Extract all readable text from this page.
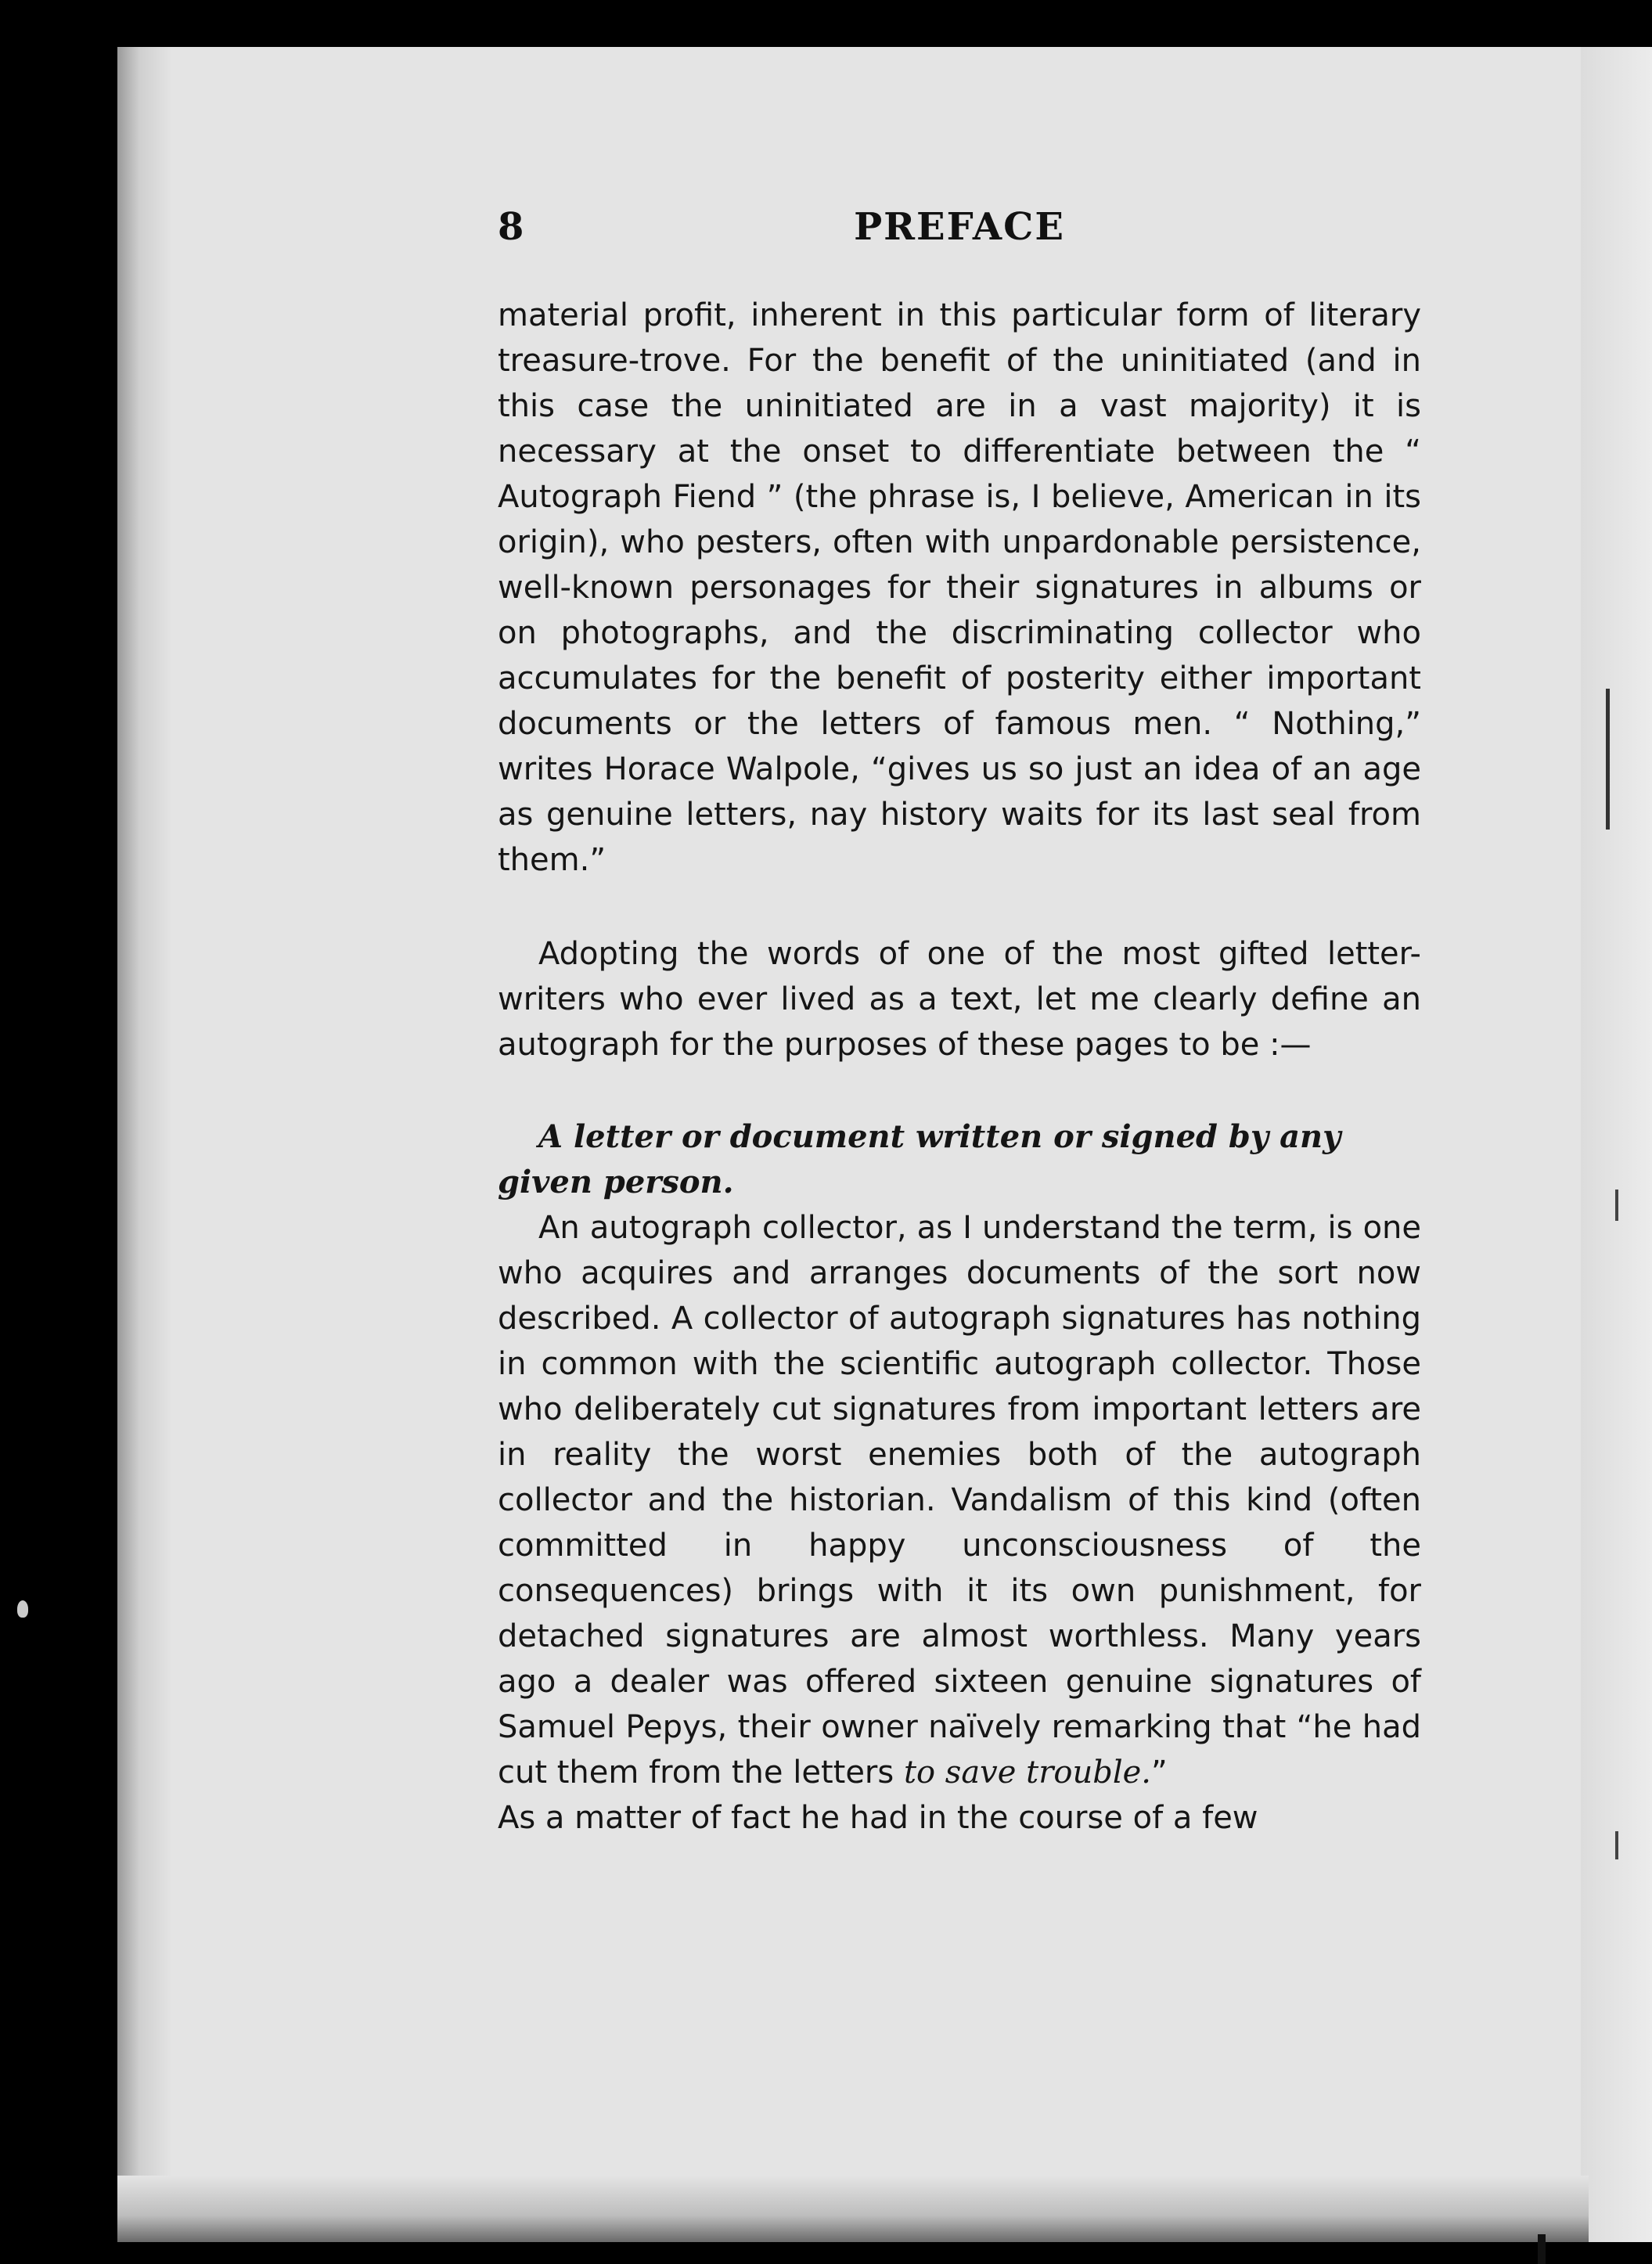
8	PREFACE

material profit, inherent in this particular form of literary treasure-trove. For the benefit of the uninitiated (and in this case the uninitiated are in a vast majority) it is necessary at the onset to differentiate between the “ Autograph Fiend ” (the phrase is, I believe, American in its origin), who pesters, often with unpardonable persistence, well-known personages for their signatures in albums or on photographs, and the discriminating collector who accumulates for the benefit of posterity either important documents or the letters of famous men. “ Nothing,” writes Horace Walpole, “gives us so just an idea of an age as genuine letters, nay history waits for its last seal from them.”

Adopting the words of one of the most gifted letter-writers who ever lived as a text, let me clearly define an autograph for the purposes of these pages to be :—

A letter or document written or signed by any given person.

An autograph collector, as I understand the term, is one who acquires and arranges documents of the sort now described. A collector of autograph signatures has nothing in common with the scientific autograph collector. Those who deliberately cut signatures from important letters are in reality the worst enemies both of the autograph collector and the historian. Vandalism of this kind (often committed in happy unconsciousness of the consequences) brings with it its own punishment, for detached signatures are almost worthless. Many years ago a dealer was offered sixteen genuine signatures of Samuel Pepys, their owner naïvely remarking that “he had cut them from the letters to save trouble.”
As a matter of fact he had in the course of a few
